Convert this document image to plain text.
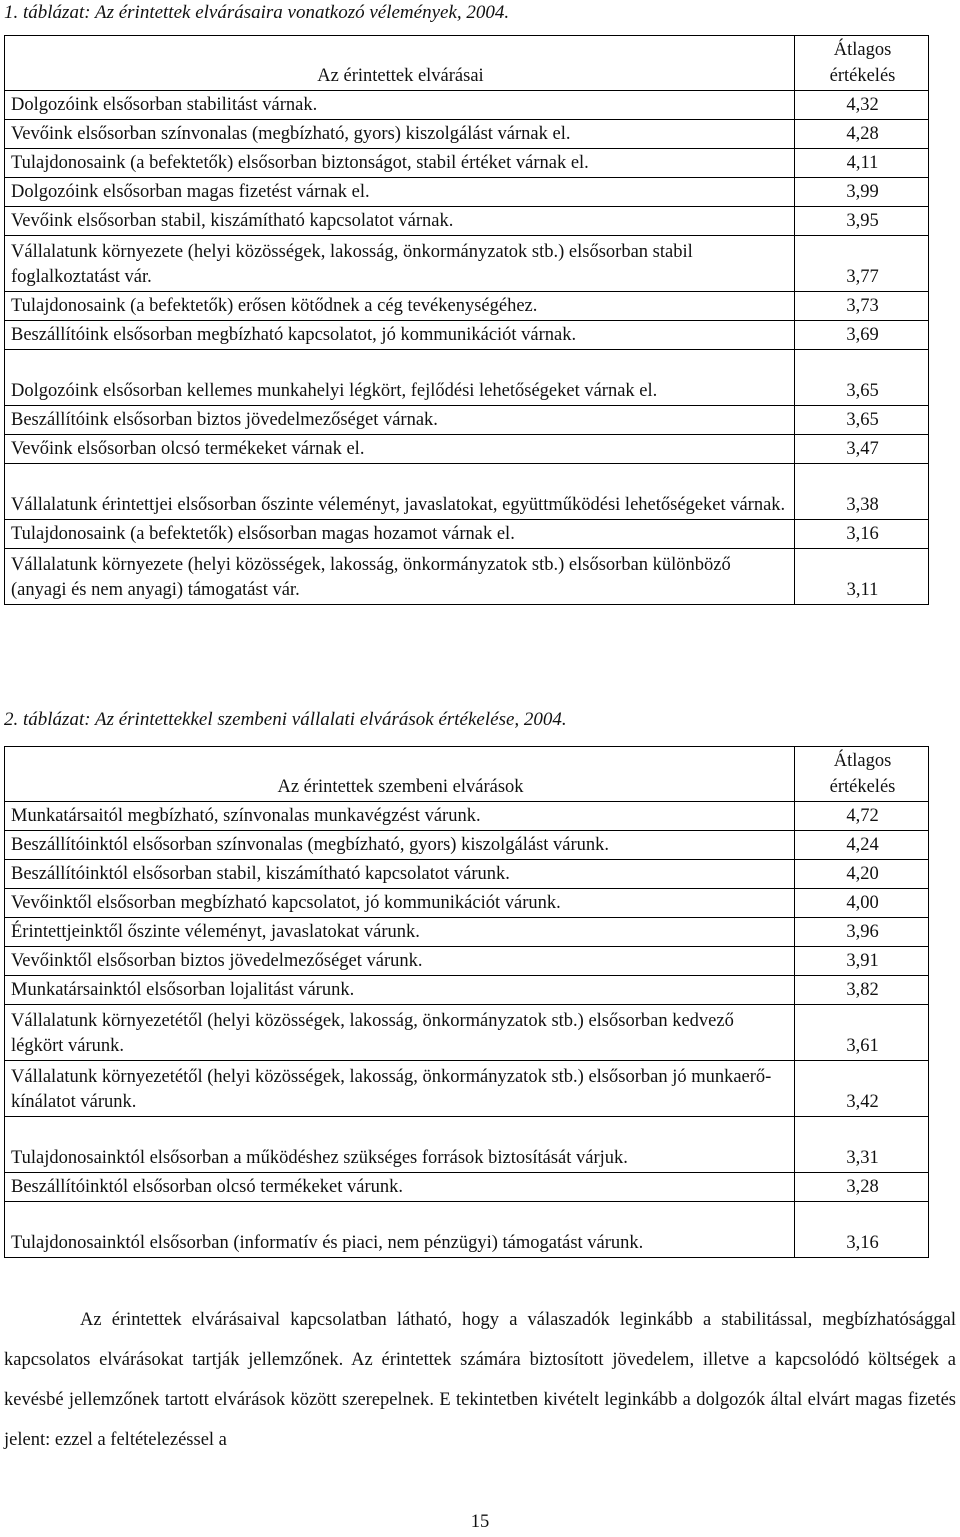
1. táblázat: Az érintettek elvárásaira vonatkozó vélemények, 2004.
Az érintettek elvárásai	Átlagos
értékelés
Dolgozóink elsősorban stabilitást várnak.	4,32
Vevőink elsősorban színvonalas (megbízható, gyors) kiszolgálást várnak el.	4,28
Tulajdonosaink (a befektetők) elsősorban biztonságot, stabil értéket várnak el.	4,11
Dolgozóink elsősorban magas fizetést várnak el.	3,99
Vevőink elsősorban stabil, kiszámítható kapcsolatot várnak.	3,95
Vállalatunk környezete (helyi közösségek, lakosság, önkormányzatok stb.) elsősorban stabil foglalkoztatást vár.	3,77
Tulajdonosaink (a befektetők) erősen kötődnek a cég tevékenységéhez.	3,73
Beszállítóink elsősorban megbízható kapcsolatot, jó kommunikációt várnak.	3,69
Dolgozóink elsősorban kellemes munkahelyi légkört, fejlődési lehetőségeket várnak el.	3,65
Beszállítóink elsősorban biztos jövedelmezőséget várnak.	3,65
Vevőink elsősorban olcsó termékeket várnak el.	3,47
Vállalatunk érintettjei elsősorban őszinte véleményt, javaslatokat, együttműködési lehetőségeket várnak.	3,38
Tulajdonosaink (a befektetők) elsősorban magas hozamot várnak el.	3,16
Vállalatunk környezete (helyi közösségek, lakosság, önkormányzatok stb.) elsősorban különböző (anyagi és nem anyagi) támogatást vár.	3,11
2. táblázat: Az érintettekkel szembeni vállalati elvárások értékelése, 2004.
Az érintettek szembeni elvárások	Átlagos
értékelés
Munkatársaitól megbízható, színvonalas munkavégzést várunk.	4,72
Beszállítóinktól elsősorban színvonalas (megbízható, gyors) kiszolgálást várunk.	4,24
Beszállítóinktól elsősorban stabil, kiszámítható kapcsolatot várunk.	4,20
Vevőinktől elsősorban megbízható kapcsolatot, jó kommunikációt várunk.	4,00
Érintettjeinktől őszinte véleményt, javaslatokat várunk.	3,96
Vevőinktől elsősorban biztos jövedelmezőséget várunk.	3,91
Munkatársainktól elsősorban lojalitást várunk.	3,82
Vállalatunk környezetétől (helyi közösségek, lakosság, önkormányzatok stb.) elsősorban kedvező légkört várunk.	3,61
Vállalatunk környezetétől (helyi közösségek, lakosság, önkormányzatok stb.) elsősorban jó munkaerő-kínálatot várunk.	3,42
Tulajdonosainktól elsősorban a működéshez szükséges források biztosítását várjuk.	3,31
Beszállítóinktól elsősorban olcsó termékeket várunk.	3,28
Tulajdonosainktól elsősorban (informatív és piaci, nem pénzügyi) támogatást várunk.	3,16
Az érintettek elvárásaival kapcsolatban látható, hogy a válaszadók leginkább a stabilitással, megbízhatósággal kapcsolatos elvárásokat tartják jellemzőnek. Az érintettek számára biztosított jövedelem, illetve a kapcsolódó költségek a kevésbé jellemzőnek tartott elvárások között szerepelnek. E tekintetben kivételt leginkább a dolgozók által elvárt magas fizetés jelent: ezzel a feltételezéssel a
15
